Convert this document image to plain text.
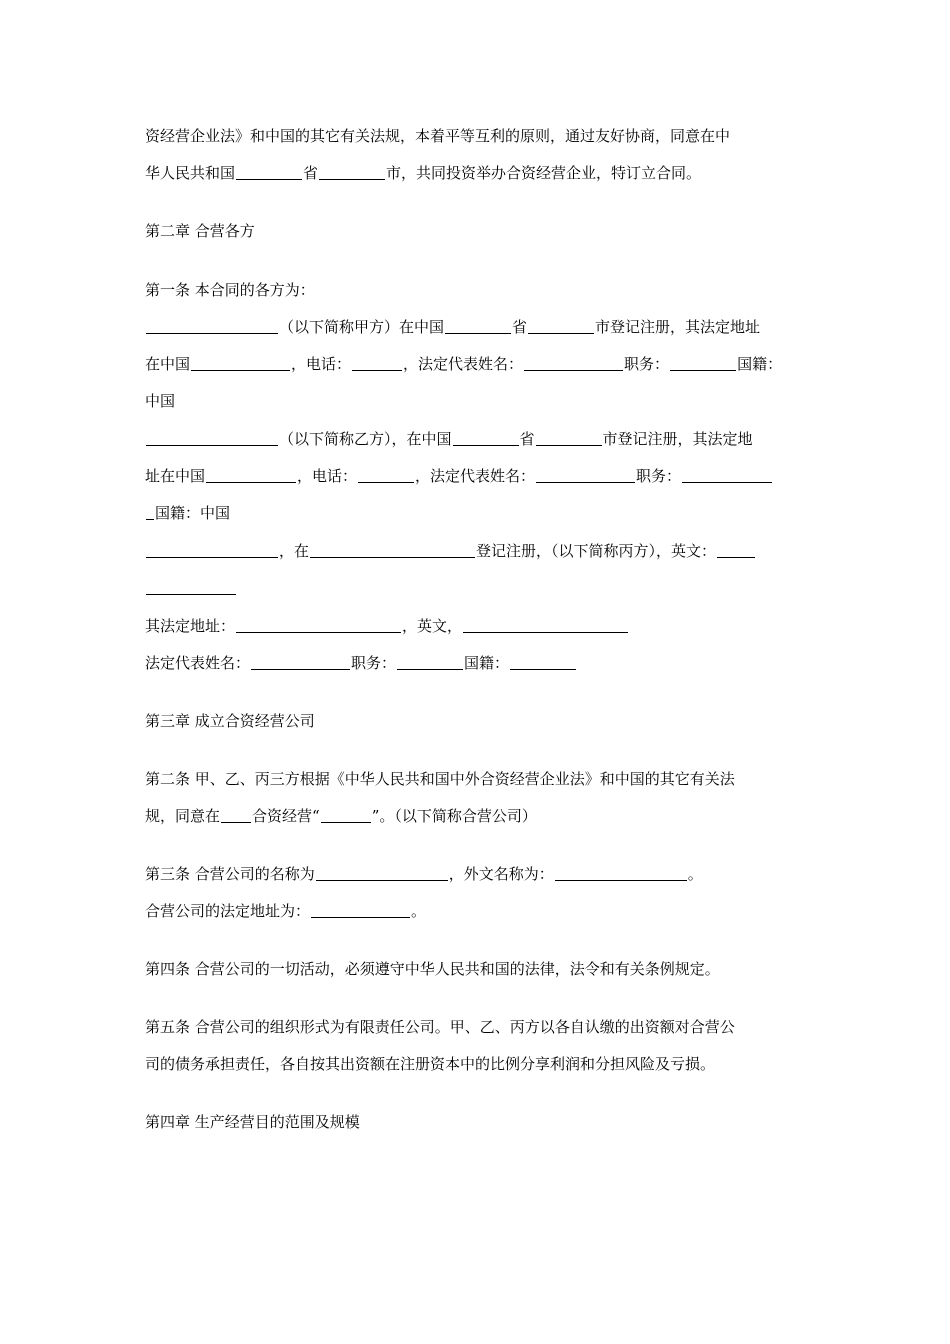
资经营企业法》和中国的其它有关法规，本着平等互利的原则，通过友好协商，同意在中
华人民共和国	省	市，共同投资举办合资经营企业，特订立合同。
第二章 合营各方
第一条 本合同的各方为：
（以下简称甲方）在中国	省	市登记注册，其法定地址
在中国	，电话：	，法定代表姓名：	职务：	国籍：
中国
（以下简称乙方），在中国	省	市登记注册，其法定地
址在中国	，电话：	，法定代表姓名：	职务：
国籍：中国
，在	登记注册，（以下简称丙方），英文：
其法定地址：	，英文，
法定代表姓名：	职务：	国籍：
第三章 成立合资经营公司
第二条 甲、乙、丙三方根据《中华人民共和国中外合资经营企业法》和中国的其它有关法
规，同意在 合资经营“	”。（以下简称合营公司）
第三条 合营公司的名称为	，外文名称为：	。
合营公司的法定地址为：	。
第四条 合营公司的一切活动，必须遵守中华人民共和国的法律，法令和有关条例规定。
第五条 合营公司的组织形式为有限责任公司。甲、乙、丙方以各自认缴的出资额对合营公
司的债务承担责任，各自按其出资额在注册资本中的比例分享利润和分担风险及亏损。
第四章 生产经营目的范围及规模
